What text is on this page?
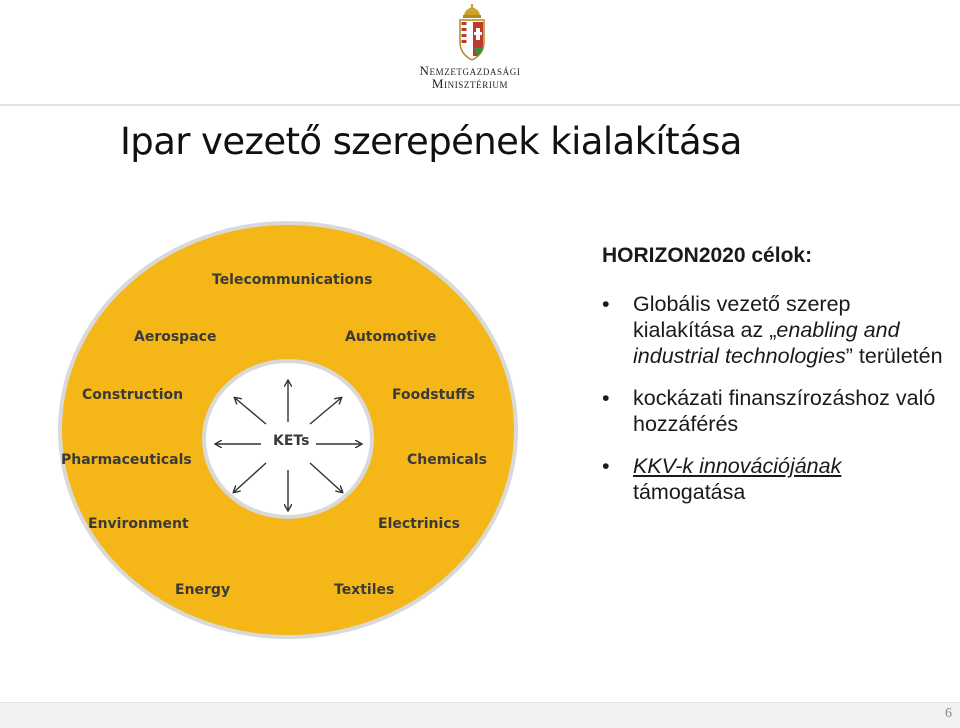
Nemzetgazdasági
Minisztérium
Ipar vezető szerepének kialakítása
Telecommunications
Aerospace	Automotive
Construction	Foodstuffs
Pharmaceuticals	Chemicals
Environment	Electrinics
Energy	Textiles
KETs
HORIZON2020 célok:
• Globális vezető szerep kialakítása az „enabling and industrial technologies” területén
• kockázati finanszírozáshoz való hozzáférés
• KKV-k innovációjának
támogatása
6
